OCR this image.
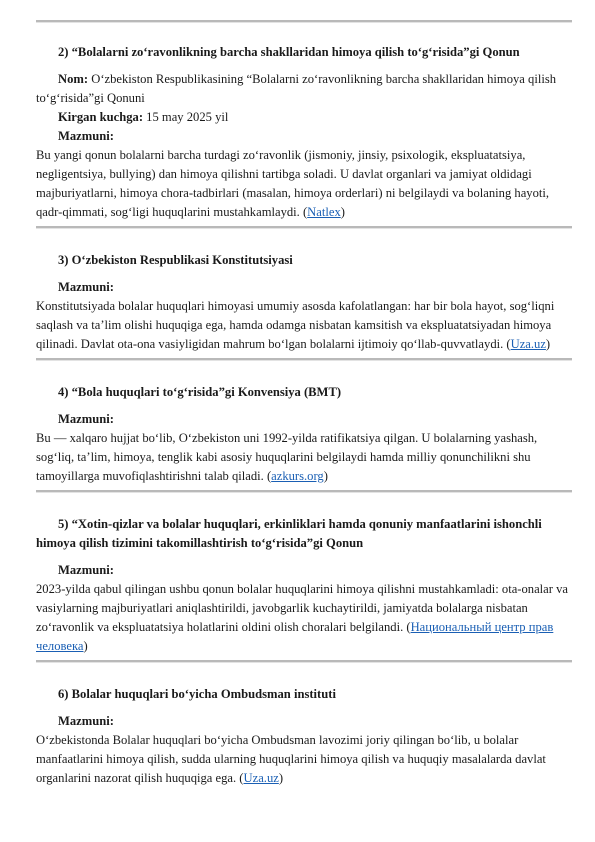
2) “Bolalarni zo‘ravonlikning barcha shakllaridan himoya qilish to‘g‘risida”gi Qonun

Nom: O‘zbekiston Respublikasining “Bolalarni zo‘ravonlikning barcha shakllaridan himoya qilish to‘g‘risida”gi Qonuni

Kirgan kuchga: 15 may 2025 yil

Mazmuni:

Bu yangi qonun bolalarni barcha turdagi zo‘ravonlik (jismoniy, jinsiy, psixologik, ekspluatatsiya, negligentsiya, bullying) dan himoya qilishni tartibga soladi. U davlat organlari va jamiyat oldidagi majburiyatlarni, himoya chora-tadbirlari (masalan, himoya orderlari) ni belgilaydi va bolaning hayoti, qadr-qimmati, sog‘ligi huquqlarini mustahkamlaydi. (Natlex)

3) O‘zbekiston Respublikasi Konstitutsiyasi

Mazmuni:

Konstitutsiyada bolalar huquqlari himoyasi umumiy asosda kafolatlangan: har bir bola hayot, sog‘liqni saqlash va ta’lim olishi huquqiga ega, hamda odamga nisbatan kamsitish va ekspluatatsiyadan himoya qilinadi. Davlat ota-ona vasiyligidan mahrum bo‘lgan bolalarni ijtimoiy qo‘llab-quvvatlaydi. (Uza.uz)

4) “Bola huquqlari to‘g‘risida”gi Konvensiya (BMT)

Mazmuni:

Bu — xalqaro hujjat bo‘lib, O‘zbekiston uni 1992-yilda ratifikatsiya qilgan. U bolalarning yashash, sog‘liq, ta’lim, himoya, tenglik kabi asosiy huquqlarini belgilaydi hamda milliy qonunchilikni shu tamoyillarga muvofiqlashtirishni talab qiladi. (azkurs.org)

5) “Xotin-qizlar va bolalar huquqlari, erkinliklari hamda qonuniy manfaatlarini ishonchli himoya qilish tizimini takomillashtirish to‘g‘risida”gi Qonun

Mazmuni:

2023-yilda qabul qilingan ushbu qonun bolalar huquqlarini himoya qilishni mustahkamladi: ota-onalar va vasiylarning majburiyatlari aniqlashtirildi, javobgarlik kuchaytirildi, jamiyatda bolalarga nisbatan zo‘ravonlik va ekspluatatsiya holatlarini oldini olish choralari belgilandi. (Национальный центр прав человека)

6) Bolalar huquqlari bo‘yicha Ombudsman instituti

Mazmuni:

O‘zbekistonda Bolalar huquqlari bo‘yicha Ombudsman lavozimi joriy qilingan bo‘lib, u bolalar manfaatlarini himoya qilish, sudda ularning huquqlarini himoya qilish va huquqiy masalalarda davlat organlarini nazorat qilish huquqiga ega. (Uza.uz)
